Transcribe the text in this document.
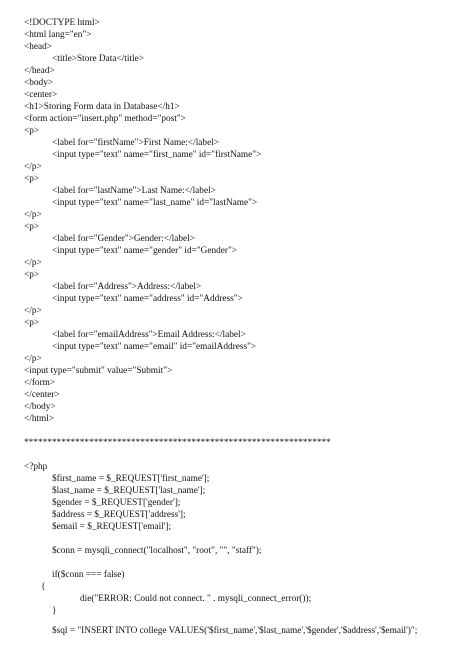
<!DOCTYPE html>
<html lang="en">
<head>
<title>Store Data</title>
</head>
<body>
<center>
<h1>Storing Form data in Database</h1>
<form action="insert.php" method="post">
<p>
<label for="firstName">First Name:</label>
<input type="text" name="first_name" id="firstName">
</p>
<p>
<label for="lastName">Last Name:</label>
<input type="text" name="last_name" id="lastName">
</p>
<p>
<label for="Gender">Gender:</label>
<input type="text" name="gender" id="Gender">
</p>
<p>
<label for="Address">Address:</label>
<input type="text" name="address" id="Address">
</p>
<p>
<label for="emailAddress">Email Address:</label>
<input type="text" name="email" id="emailAddress">
</p>
<input type="submit" value="Submit">
</form>
</center>
</body>
</html>
******************************************************************
<?php
$first_name = $_REQUEST['first_name'];
$last_name = $_REQUEST['last_name'];
$gender = $_REQUEST['gender'];
$address = $_REQUEST['address'];
$email = $_REQUEST['email'];
$conn = mysqli_connect("localhost", "root", "", "staff");
if($conn === false)
{
die("ERROR: Could not connect. " . mysqli_connect_error());
}
$sql = "INSERT INTO college VALUES('$first_name','$last_name','$gender','$address','$email')";
